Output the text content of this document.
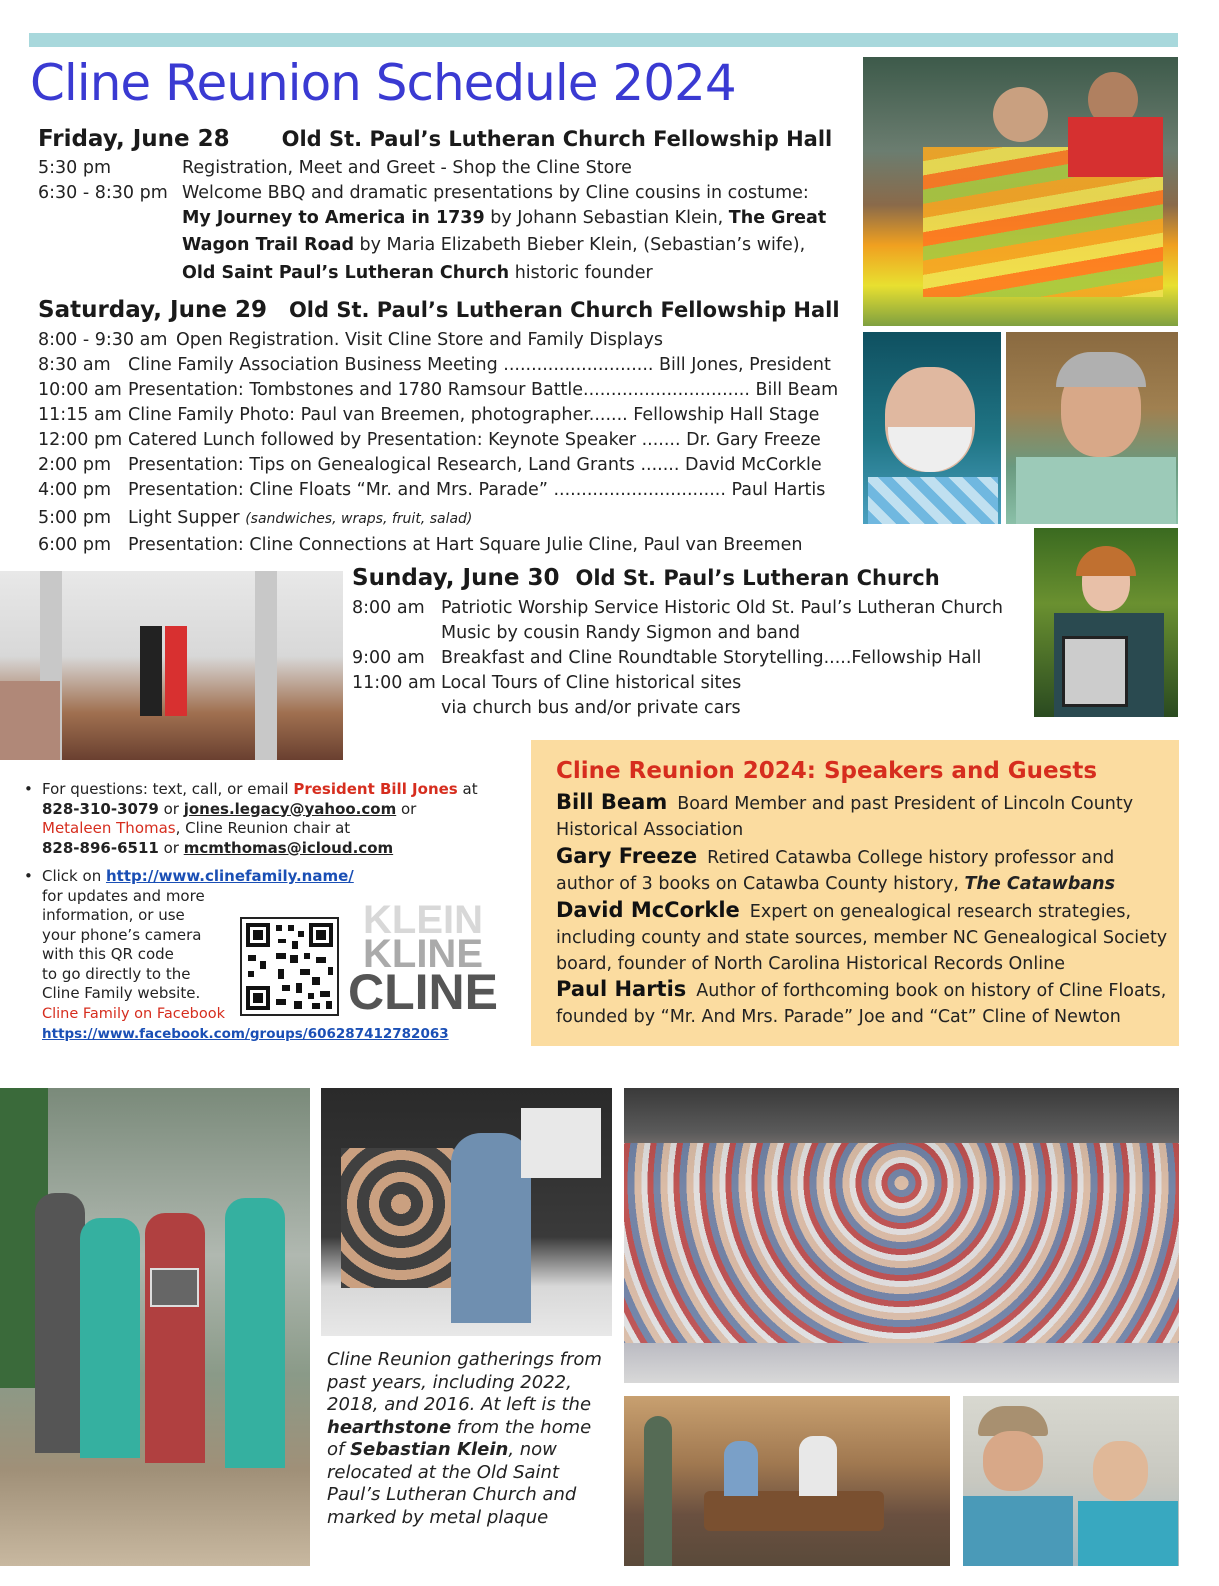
Cline Reunion Schedule 2024
Friday, June 28 Old St. Paul’s Lutheran Church Fellowship Hall
5:30 pm	Registration, Meet and Greet - Shop the Cline Store
6:30 - 8:30 pm Welcome BBQ and dramatic presentations by Cline cousins in costume:
My Journey to America in 1739 by Johann Sebastian Klein, The Great
Wagon Trail Road by Maria Elizabeth Bieber Klein, (Sebastian’s wife),
Old Saint Paul’s Lutheran Church historic founder
Saturday, June 29 Old St. Paul’s Lutheran Church Fellowship Hall
8:00 - 9:30 am Open Registration. Visit Cline Store and Family Displays
8:30 am Cline Family Association Business Meeting ........................... Bill Jones, President
10:00 am Presentation: Tombstones and 1780 Ramsour Battle.............................. Bill Beam
11:15 am Cline Family Photo: Paul van Breemen, photographer....... Fellowship Hall Stage
12:00 pm Catered Lunch followed by Presentation: Keynote Speaker ....... Dr. Gary Freeze
2:00 pm Presentation: Tips on Genealogical Research, Land Grants ....... David McCorkle
4:00 pm Presentation: Cline Floats “Mr. and Mrs. Parade” ............................... Paul Hartis
5:00 pm Light Supper (sandwiches, wraps, fruit, salad)
6:00 pm Presentation: Cline Connections at Hart Square Julie Cline, Paul van Breemen
Sunday, June 30 Old St. Paul’s Lutheran Church
8:00 am Patriotic Worship Service Historic Old St. Paul’s Lutheran Church
Music by cousin Randy Sigmon and band
9:00 am Breakfast and Cline Roundtable Storytelling.....Fellowship Hall
11:00 am Local Tours of Cline historical sites
via church bus and/or private cars
Cline Reunion 2024: Speakers and Guests
Bill Beam Board Member and past President of Lincoln County Historical Association
Gary Freeze Retired Catawba College history professor and author of 3 books on Catawba County history, The Catawbans
David McCorkle Expert on genealogical research strategies, including county and state sources, member NC Genealogical Society board, founder of North Carolina Historical Records Online
Paul Hartis Author of forthcoming book on history of Cline Floats, founded by “Mr. And Mrs. Parade” Joe and “Cat” Cline of Newton
• For questions: text, call, or email President Bill Jones at
828-310-3079 or jones.legacy@yahoo.com or
Metaleen Thomas, Cline Reunion chair at
828-896-6511 or mcmthomas@icloud.com
• Click on http://www.clinefamily.name/
for updates and more
information, or use
your phone’s camera
with this QR code
to go directly to the
Cline Family website.
Cline Family on Facebook
https://www.facebook.com/groups/606287412782063
KLEIN
KLINE
CLINE
Cline Reunion gatherings from past years, including 2022, 2018, and 2016. At left is the hearthstone from the home of Sebastian Klein, now relocated at the Old Saint Paul’s Lutheran Church and marked by metal plaque
